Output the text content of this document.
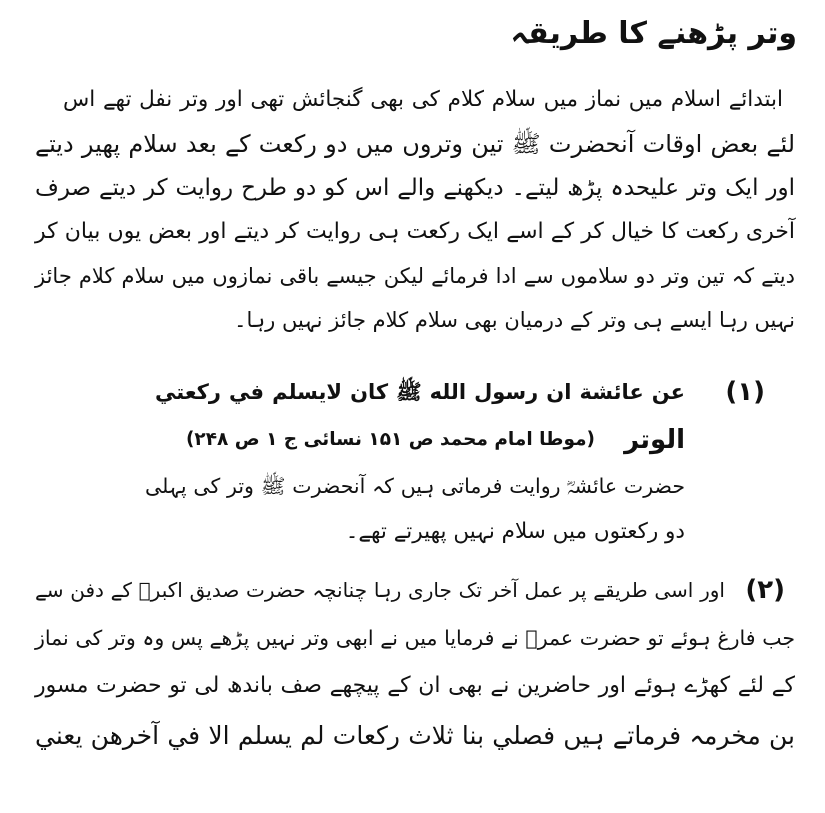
وتر پڑھنے کا طریقہ

ابتدائے اسلام میں نماز میں سلام کلام کی بھی گنجائش تھی اور وتر نفل تھے اس

لئے بعض اوقات آنحضرت ﷺ تین وتروں میں دو رکعت کے بعد سلام پھیر دیتے

اور ایک وتر علیحدہ پڑھ لیتے۔ دیکھنے والے اس کو دو طرح روایت کر دیتے صرف

آخری رکعت کا خیال کر کے اسے ایک رکعت ہی روایت کر دیتے اور بعض یوں بیان کر

دیتے کہ تین وتر دو سلاموں سے ادا فرمائے لیکن جیسے باقی نمازوں میں سلام کلام جائز

نہیں رہا ایسے ہی وتر کے درمیان بھی سلام کلام جائز نہیں رہا۔

(۱)

عن عائشة ان رسول الله ﷺ كان لايسلم في ركعتي

الوتر

(موطا امام محمد ص ۱۵۱ نسائی ج ۱ ص ۲۴۸)

حضرت عائشہؓ روایت فرماتی ہیں کہ آنحضرت ﷺ وتر کی پہلی

دو رکعتوں میں سلام نہیں پھیرتے تھے۔

(۲)

اور اسی طریقے پر عمل آخر تک جاری رہا چنانچہ حضرت صدیق اکبرؓ کے دفن سے

جب فارغ ہوئے تو حضرت عمرؓ نے فرمایا میں نے ابھی وتر نہیں پڑھے پس وہ وتر کی نماز

کے لئے کھڑے ہوئے اور حاضرین نے بھی ان کے پیچھے صف باندھ لی تو حضرت مسور

بن مخرمہ فرماتے ہیں فصلي بنا ثلاث ركعات لم يسلم الا في آخرهن يعني
